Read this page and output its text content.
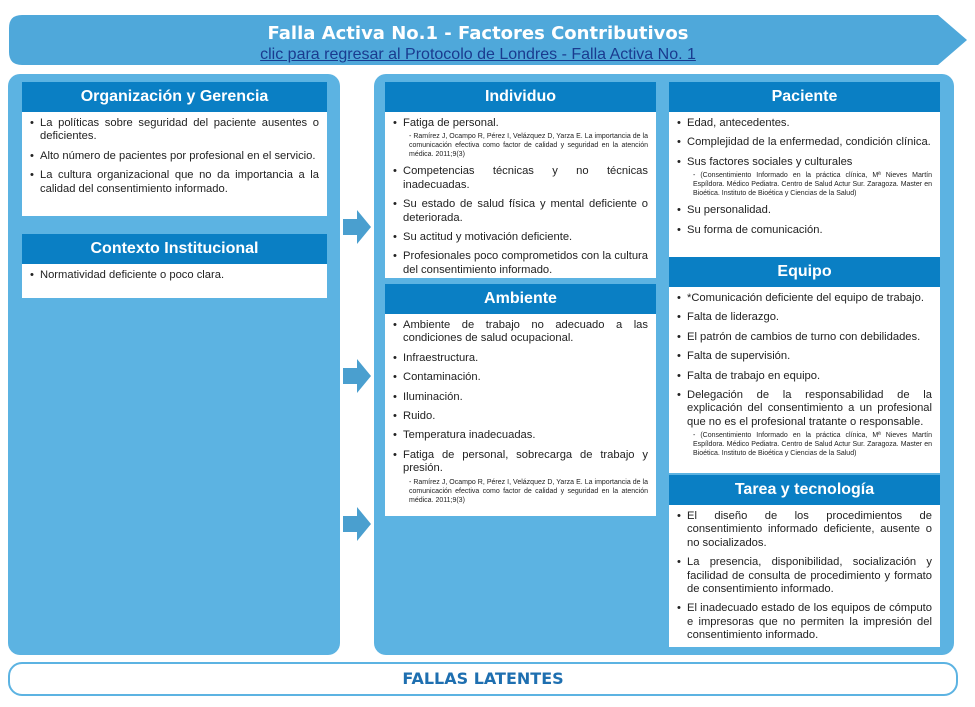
Falla Activa No.1 - Factores Contributivos
clic para regresar al Protocolo de Londres - Falla Activa No. 1
Organización y Gerencia
• La políticas sobre seguridad del paciente ausentes o deficientes.
• Alto número de pacientes por profesional en el servicio.
• La cultura organizacional que no da importancia a la calidad del consentimiento informado.
Contexto Institucional
• Normatividad deficiente o poco clara.
Individuo
• Fatiga de personal.
- Ramírez J, Ocampo R, Pérez I, Velázquez D, Yarza E. La importancia de la comunicación efectiva como factor de calidad y seguridad en la atención médica. 2011;9(3)
• Competencias técnicas y no técnicas inadecuadas.
• Su estado de salud física y mental deficiente o deteriorada.
• Su actitud y motivación deficiente.
• Profesionales poco comprometidos con la cultura del consentimiento informado.
Ambiente
• Ambiente de trabajo no adecuado a las condiciones de salud ocupacional.
• Infraestructura.
• Contaminación.
• Iluminación.
• Ruido.
• Temperatura inadecuadas.
• Fatiga de personal, sobrecarga de trabajo y presión.
- Ramírez J, Ocampo R, Pérez I, Velázquez D, Yarza E. La importancia de la comunicación efectiva como factor de calidad y seguridad en la atención médica. 2011;9(3)
Paciente
• Edad, antecedentes.
• Complejidad de la enfermedad, condición clínica.
• Sus factores sociales y culturales
- (Consentimiento Informado en la práctica clínica, Mª Nieves Martín Espíldora. Médico Pediatra. Centro de Salud Actur Sur. Zaragoza. Master en Bioética. Instituto de Bioética y Ciencias de la Salud)
• Su personalidad.
• Su forma de comunicación.
Equipo
• *Comunicación deficiente del equipo de trabajo.
• Falta de liderazgo.
• El patrón de cambios de turno con debilidades.
• Falta de supervisión.
• Falta de trabajo en equipo.
• Delegación de la responsabilidad de la explicación del consentimiento a un profesional que no es el profesional tratante o responsable.
- (Consentimiento Informado en la práctica clínica, Mª Nieves Martín Espíldora. Médico Pediatra. Centro de Salud Actur Sur. Zaragoza. Master en Bioética. Instituto de Bioética y Ciencias de la Salud)
Tarea y tecnología
• El diseño de los procedimientos de consentimiento informado deficiente, ausente o no socializados.
• La presencia, disponibilidad, socialización y facilidad de consulta de procedimiento y formato de consentimiento informado.
• El inadecuado estado de los equipos de cómputo e impresoras que no permiten la impresión del consentimiento informado.
FALLAS LATENTES
